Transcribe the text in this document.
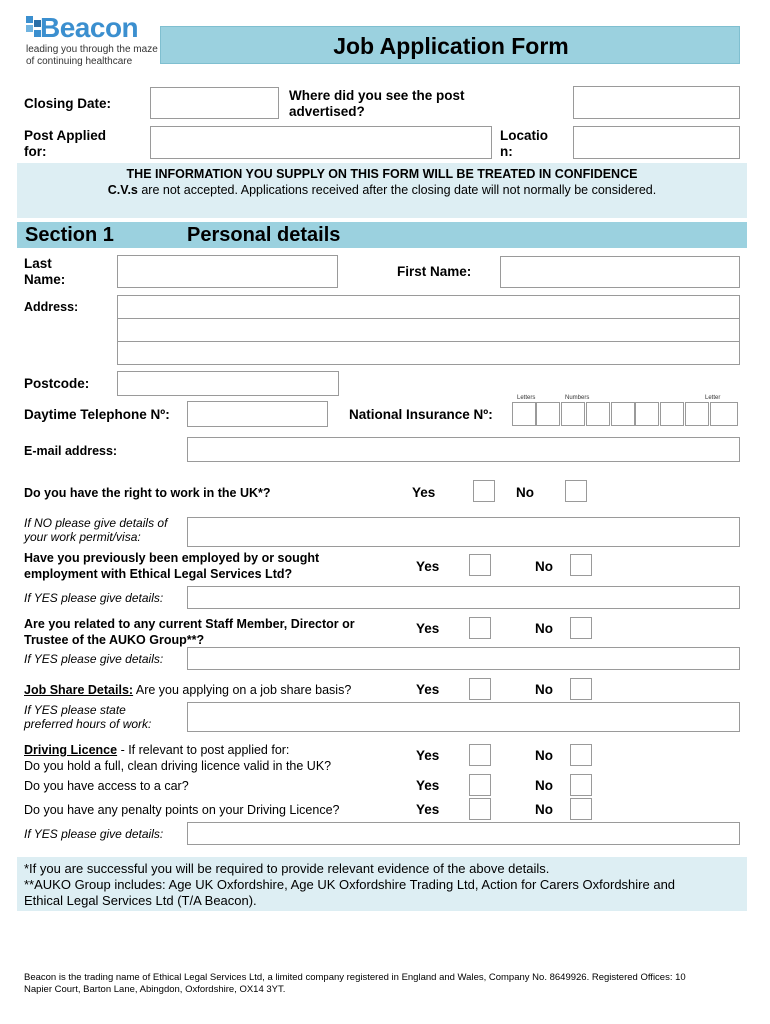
Beacon
leading you through the maze
of continuing healthcare
Job Application Form
Closing Date:
Where did you see the post
advertised?
Post Applied
for:
Locatio
n:
THE INFORMATION YOU SUPPLY ON THIS FORM WILL BE TREATED IN CONFIDENCE
C.V.s are not accepted. Applications received after the closing date will not normally be considered.
Section 1	Personal details
Last
Name:
First Name:
Address:
Postcode:
Daytime Telephone Nº:	National Insurance Nº:
Letters	Numbers	Letter
E-mail address:
Do you have the right to work in the UK*?	Yes	No
If NO please give details of
your work permit/visa:
Have you previously been employed by or sought
employment with Ethical Legal Services Ltd?	Yes	No
If YES please give details:
Are you related to any current Staff Member, Director or
Trustee of the AUKO Group**?
Yes	No
If YES please give details:
Job Share Details: Are you applying on a job share basis?	Yes	No
If YES please state
preferred hours of work:
Driving Licence - If relevant to post applied for:
Do you hold a full, clean driving licence valid in the UK?
Yes	No
Do you have access to a car?	Yes	No
Do you have any penalty points on your Driving Licence?	Yes	No
If YES please give details:
*If you are successful you will be required to provide relevant evidence of the above details.
**AUKO Group includes: Age UK Oxfordshire, Age UK Oxfordshire Trading Ltd, Action for Carers Oxfordshire and
Ethical Legal Services Ltd (T/A Beacon).
Beacon is the trading name of Ethical Legal Services Ltd, a limited company registered in England and Wales, Company No. 8649926. Registered Offices: 10
Napier Court, Barton Lane, Abingdon, Oxfordshire, OX14 3YT.
